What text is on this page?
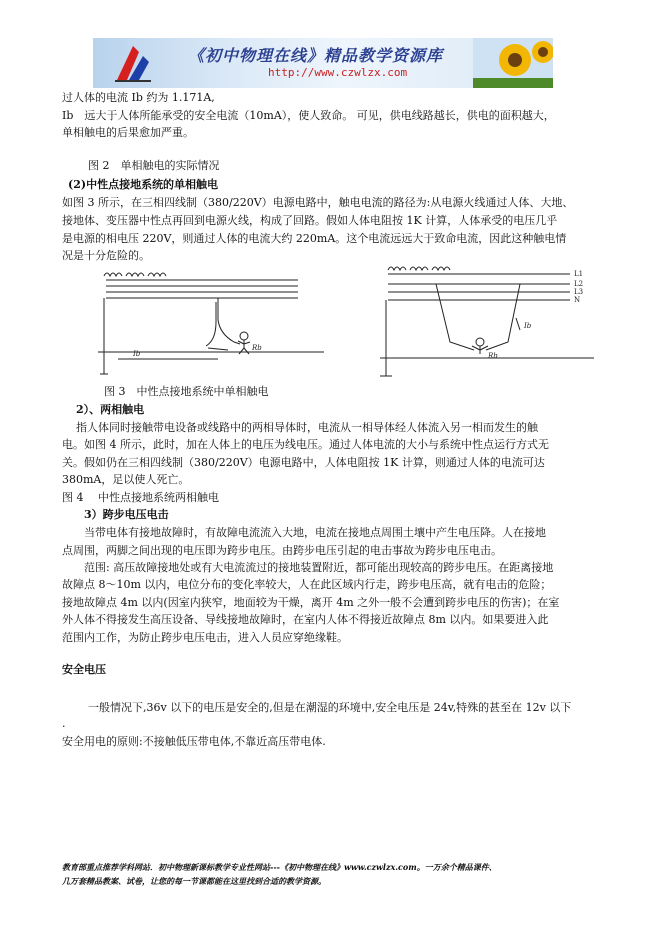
《初中物理在线》精品教学资源库
http://www.czwlzx.com
过人体的电流 Ib 约为 1.171A,
Ib　远大于人体所能承受的安全电流（10mA），使人致命。 可见，供电线路越长，供电的面积越大，
单相触电的后果愈加严重。
图 2　单相触电的实际情况
(2)中性点接地系统的单相触电
如图 3 所示，在三相四线制（380/220V）电源电路中，触电电流的路径为:从电源火线通过人体、大地、
接地体、变压器中性点再回到电源火线，构成了回路。假如人体电阻按 1K 计算，人体承受的电压几乎
是电源的相电压 220V，则通过人体的电流大约 220mA。这个电流远远大于致命电流，因此这种触电情
况是十分危险的。
Ib
Rb
L1
L2
L3
N
Ib
Rb
图 3　中性点接地系统中单相触电
2）、两相触电
指人体同时接触带电设备或线路中的两相导体时，电流从一相导体经人体流入另一相而发生的触
电。如图 4 所示，此时，加在人体上的电压为线电压。通过人体电流的大小与系统中性点运行方式无
关。假如仍在三相四线制（380/220V）电源电路中，人体电阻按 1K 计算，则通过人体的电流可达
380mA，足以使人死亡。
图 4　 中性点接地系统两相触电
3）跨步电压电击
当带电体有接地故障时，有故障电流流入大地，电流在接地点周围土壤中产生电压降。人在接地
点周围，两脚之间出现的电压即为跨步电压。由跨步电压引起的电击事故为跨步电压电击。
范围: 高压故障接地处或有大电流流过的接地装置附近，都可能出现较高的跨步电压。在距离接地
故障点 8～10m 以内，电位分布的变化率较大，人在此区域内行走，跨步电压高，就有电击的危险；
接地故障点 4m 以内(因室内狭窄，地面较为干燥，离开 4m 之外一般不会遭到跨步电压的伤害)；在室
外人体不得接发生高压设备、导线接地故障时，在室内人体不得接近故障点 8m 以内。如果要进入此
范围内工作，为防止跨步电压电击，进入人员应穿绝缘鞋。
安全电压
一般情况下,36v 以下的电压是安全的,但是在潮湿的环境中,安全电压是 24v,特殊的甚至在 12v 以下
.
安全用电的原则:不接触低压带电体,不靠近高压带电体.
教育部重点推荐学科网站．初中物理新课标教学专业性网站---《初中物理在线》www.czwlzx.com。一万余个精品课件、
几万套精品教案、试卷，让您的每一节课都能在这里找到合适的教学资源。
